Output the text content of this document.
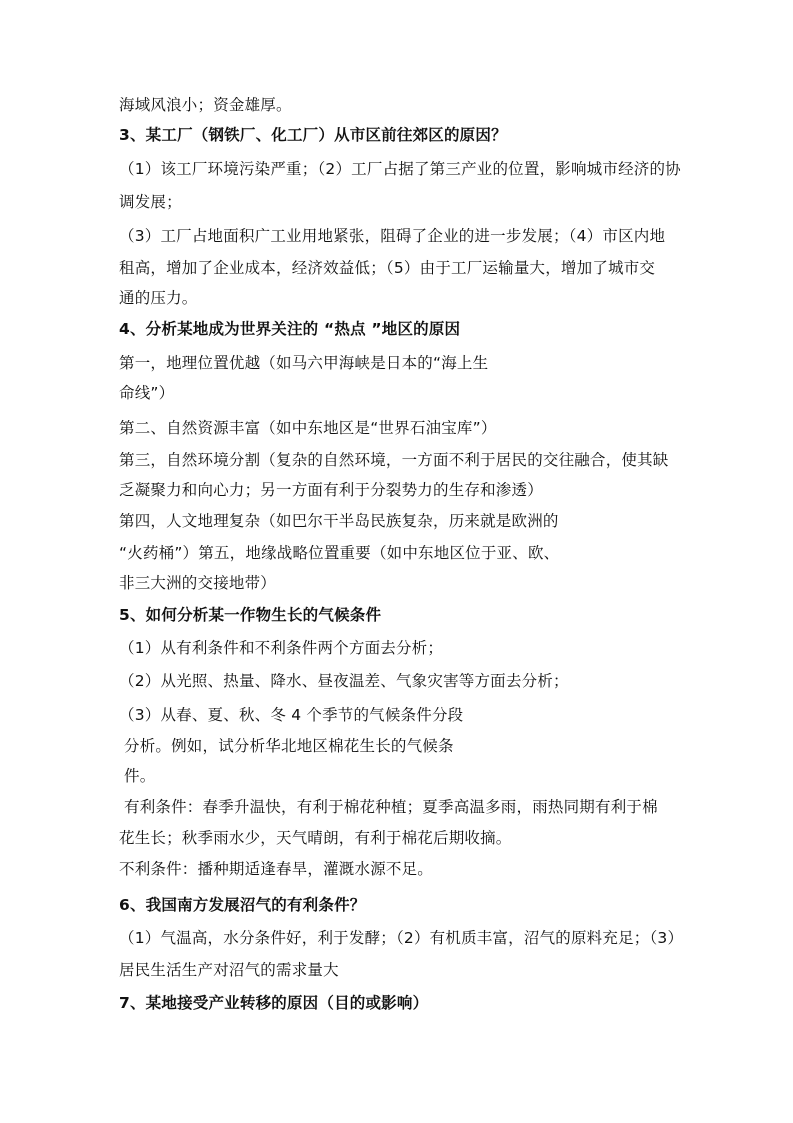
海域风浪小；资金雄厚。
3、某工厂（钢铁厂、化工厂）从市区前往郊区的原因？
（1）该工厂环境污染严重；（2）工厂占据了第三产业的位置，影响城市经济的协
调发展；
（3）工厂占地面积广工业用地紧张，阻碍了企业的进一步发展；（4）市区内地
租高，增加了企业成本，经济效益低；（5）由于工厂运输量大，增加了城市交
通的压力。
4、分析某地成为世界关注的 “热点 ”地区的原因
第一，地理位置优越（如马六甲海峡是日本的“海上生
命线”）
第二、自然资源丰富（如中东地区是“世界石油宝库”）
第三，自然环境分割（复杂的自然环境，一方面不利于居民的交往融合，使其缺
乏凝聚力和向心力；另一方面有利于分裂势力的生存和渗透）
第四，人文地理复杂（如巴尔干半岛民族复杂，历来就是欧洲的
“火药桶”）第五，地缘战略位置重要（如中东地区位于亚、欧、
非三大洲的交接地带）
5、如何分析某一作物生长的气候条件
（1）从有利条件和不利条件两个方面去分析；
（2）从光照、热量、降水、昼夜温差、气象灾害等方面去分析；
（3）从春、夏、秋、冬 4 个季节的气候条件分段
分析。例如，试分析华北地区棉花生长的气候条
件。
有利条件：春季升温快，有利于棉花种植；夏季高温多雨，雨热同期有利于棉
花生长；秋季雨水少，天气晴朗，有利于棉花后期收摘。
不利条件：播种期适逢春旱，灌溉水源不足。
6、我国南方发展沼气的有利条件？
（1）气温高，水分条件好，利于发酵；（2）有机质丰富，沼气的原料充足；（3）
居民生活生产对沼气的需求量大
7、某地接受产业转移的原因（目的或影响）
